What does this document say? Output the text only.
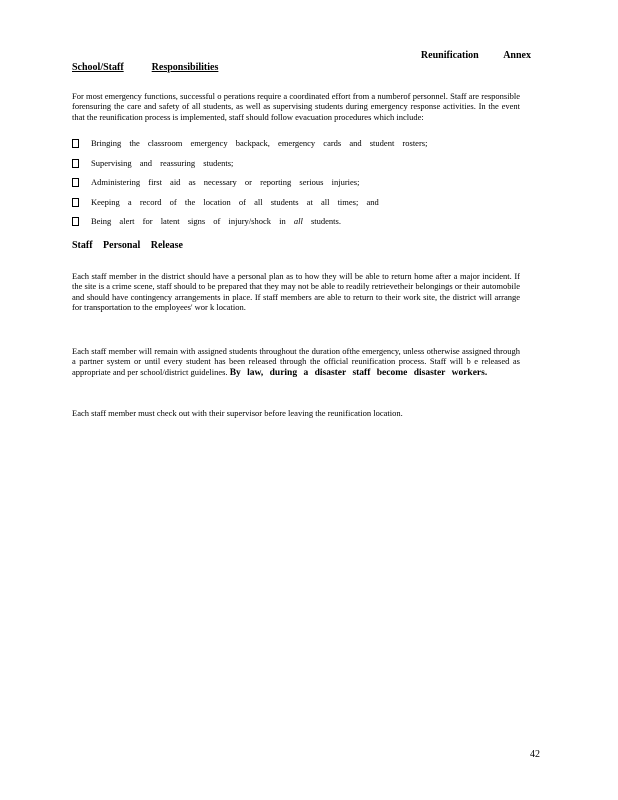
Reunification Annex
School/Staff	Responsibilities

For most emergency functions, successful o perations require a coordinated effort from a numberof personnel. Staff are responsible forensuring the care and safety of all students, as well as supervising students during emergency response activities. In the event that the reunification process is implemented, staff should follow evacuation procedures which include:

Bringing the classroom emergency backpack, emergency cards and student rosters;
Supervising and reassuring students;
Administering first aid as necessary or reporting serious injuries;
Keeping a record of the location of all students at all times; and
Being alert for latent signs of injury/shock in all students.
Staff Personal Release

Each staff member in the district should have a personal plan as to how they will be able to return home after a major incident. If the site is a crime scene, staff should to be prepared that they may not be able to readily retrievetheir belongings or their automobile and should have contingency arrangements in place. If staff members are able to return to their work site, the district will arrange for transportation to the employees' wor k location.

Each staff member will remain with assigned students throughout the duration ofthe emergency, unless otherwise assigned through a partner system or until every student has been released through the official reunification process. Staff will b e released as appropriate and per school/district guidelines. By law, during a disaster staff become disaster workers.

Each staff member must check out with their supervisor before leaving the reunification location.

42
